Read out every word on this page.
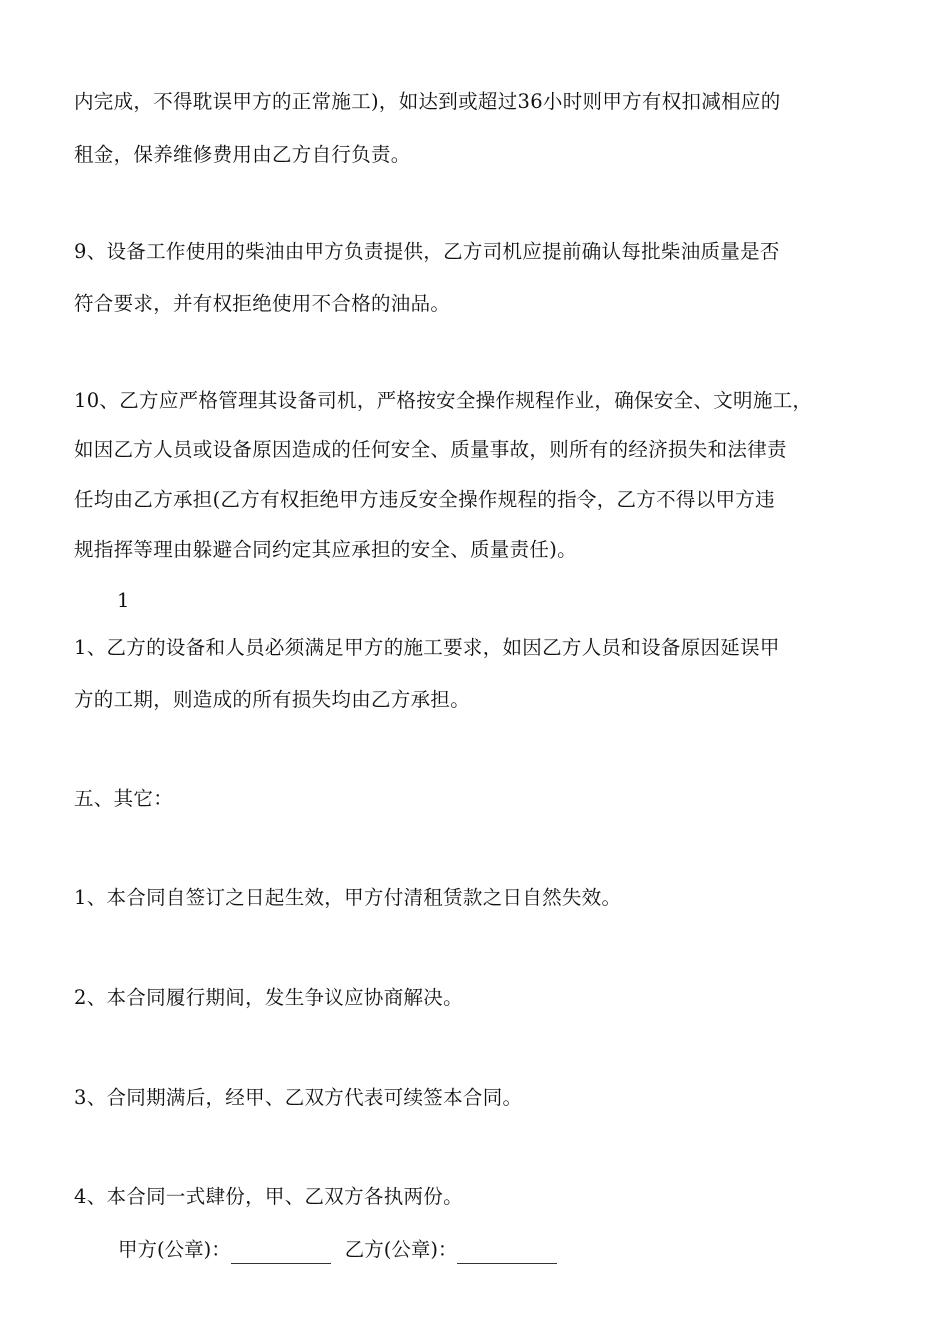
内完成，不得耽误甲方的正常施工)，如达到或超过36小时则甲方有权扣减相应的
租金，保养维修费用由乙方自行负责。
9、设备工作使用的柴油由甲方负责提供，乙方司机应提前确认每批柴油质量是否
符合要求，并有权拒绝使用不合格的油品。
10、乙方应严格管理其设备司机，严格按安全操作规程作业，确保安全、文明施工，
如因乙方人员或设备原因造成的任何安全、质量事故，则所有的经济损失和法律责
任均由乙方承担(乙方有权拒绝甲方违反安全操作规程的指令，乙方不得以甲方违
规指挥等理由躲避合同约定其应承担的安全、质量责任)。
1
1、乙方的设备和人员必须满足甲方的施工要求，如因乙方人员和设备原因延误甲
方的工期，则造成的所有损失均由乙方承担。
五、其它：
1、本合同自签订之日起生效，甲方付清租赁款之日自然失效。
2、本合同履行期间，发生争议应协商解决。
3、合同期满后，经甲、乙双方代表可续签本合同。
4、本合同一式肆份，甲、乙双方各执两份。
甲方(公章)：	乙方(公章)：
